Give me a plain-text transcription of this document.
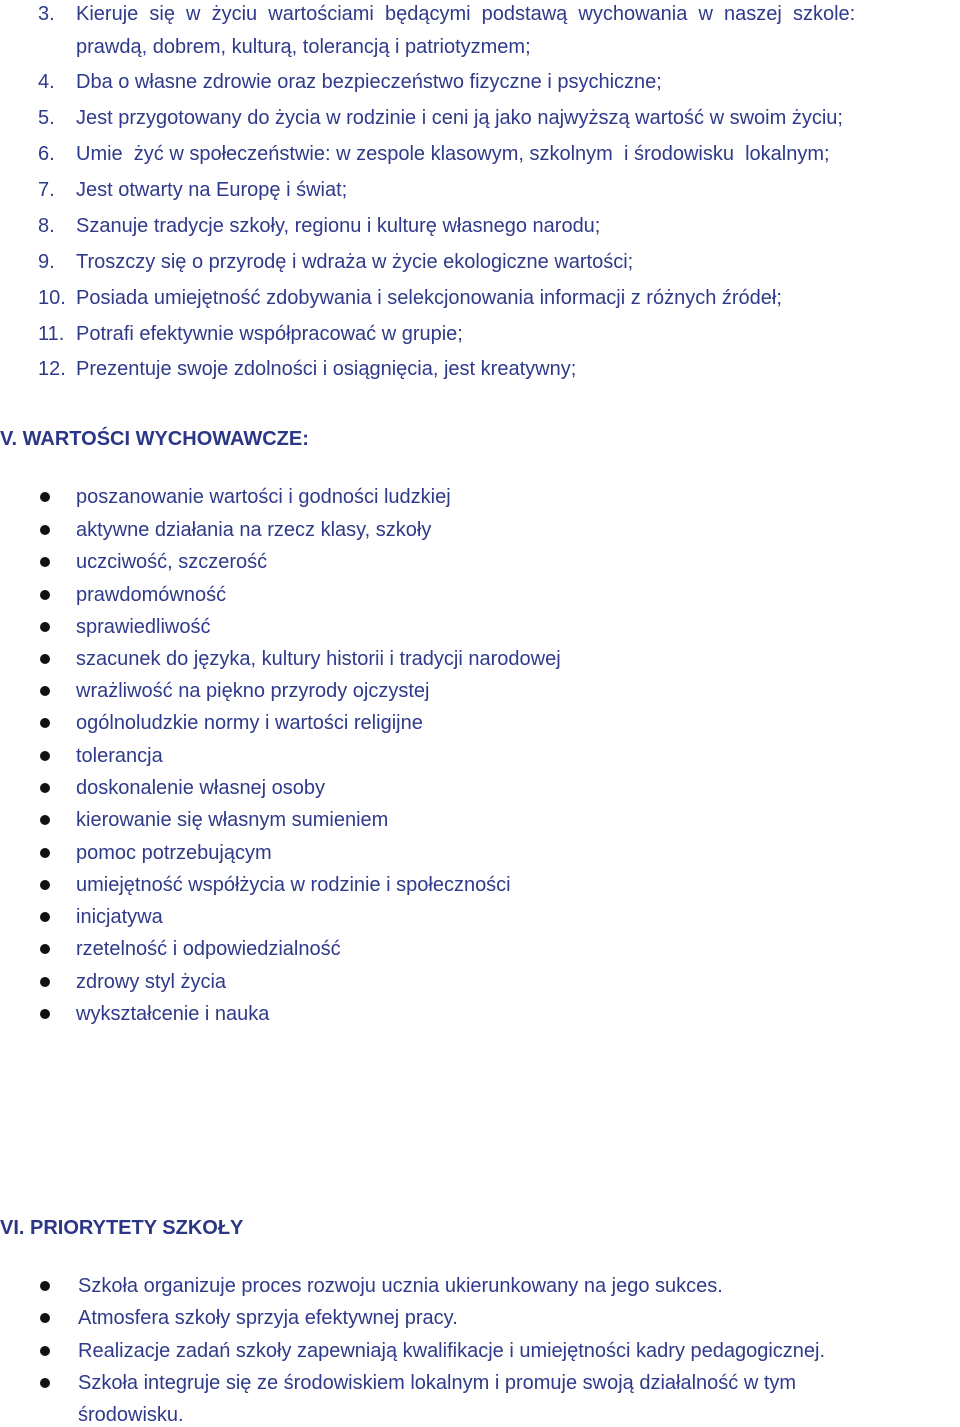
3. Kieruje  się  w  życiu  wartościami  będącymi  podstawą  wychowania  w  naszej  szkole:
prawdą, dobrem, kulturą, tolerancją i patriotyzmem;
4. Dba o własne zdrowie oraz bezpieczeństwo fizyczne i psychiczne;
5. Jest przygotowany do życia w rodzinie i ceni ją jako najwyższą wartość w swoim życiu;
6. Umie  żyć w społeczeństwie: w zespole klasowym, szkolnym  i środowisku  lokalnym;
7. Jest otwarty na Europę i świat;
8. Szanuje tradycje szkoły, regionu i kulturę własnego narodu;
9. Troszczy się o przyrodę i wdraża w życie ekologiczne wartości;
10. Posiada umiejętność zdobywania i selekcjonowania informacji z różnych źródeł;
11. Potrafi efektywnie współpracować w grupie;
12. Prezentuje swoje zdolności i osiągnięcia, jest kreatywny;
V. WARTOŚCI WYCHOWAWCZE:
poszanowanie wartości i godności ludzkiej
aktywne działania na rzecz klasy, szkoły
uczciwość, szczerość
prawdomówność
sprawiedliwość
szacunek do języka, kultury historii i tradycji narodowej
wrażliwość na piękno przyrody ojczystej
ogólnoludzkie normy i wartości religijne
tolerancja
doskonalenie własnej osoby
kierowanie się własnym sumieniem
pomoc potrzebującym
umiejętność współżycia w rodzinie i społeczności
inicjatywa
rzetelność i odpowiedzialność
zdrowy styl życia
wykształcenie i nauka
VI. PRIORYTETY SZKOŁY
Szkoła organizuje proces rozwoju ucznia ukierunkowany na jego sukces.
Atmosfera szkoły sprzyja efektywnej pracy.
Realizacje zadań szkoły zapewniają kwalifikacje i umiejętności kadry pedagogicznej.
Szkoła integruje się ze środowiskiem lokalnym i promuje swoją działalność w tym
środowisku.
